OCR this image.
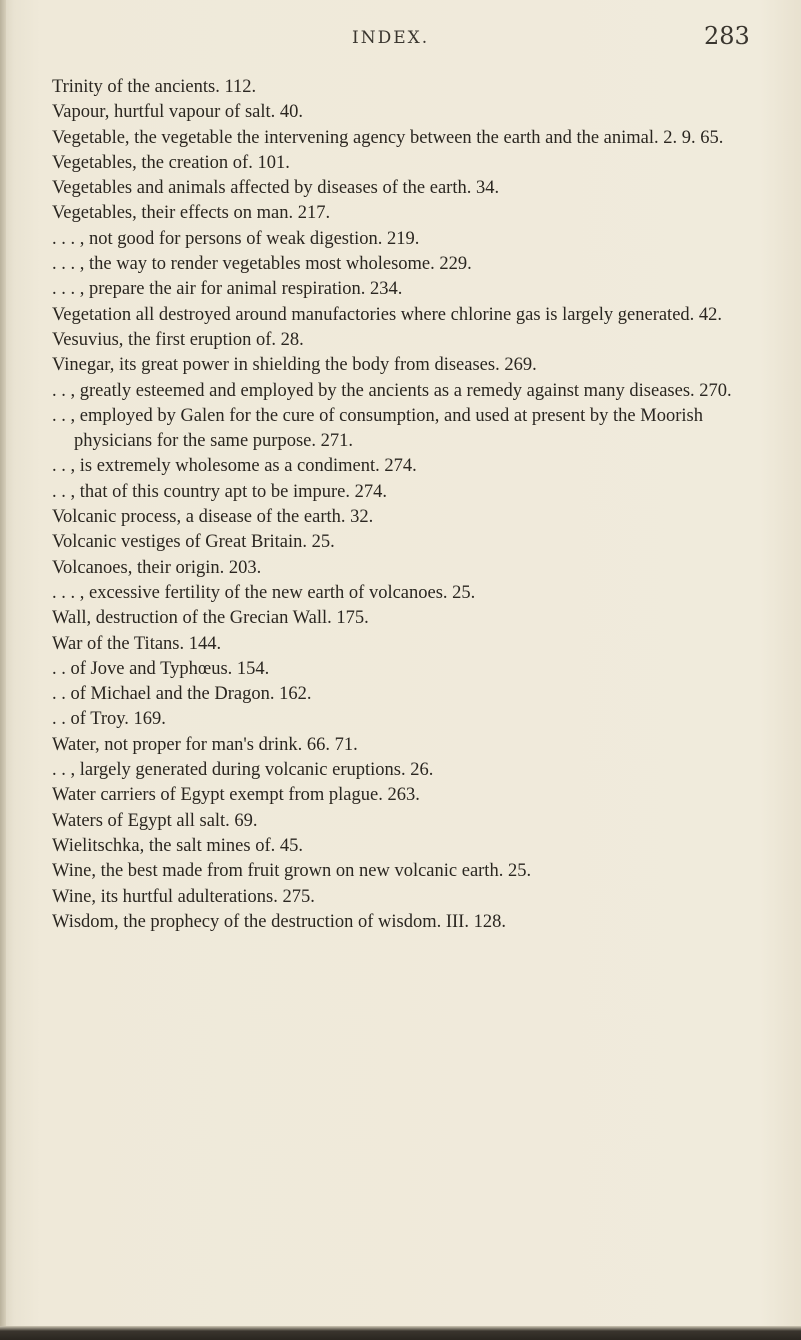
INDEX.	283

Trinity of the ancients. 112.

Vapour, hurtful vapour of salt. 40.

Vegetable, the vegetable the intervening agency between the earth and the animal. 2. 9. 65.

Vegetables, the creation of. 101.

Vegetables and animals affected by diseases of the earth. 34.

Vegetables, their effects on man. 217.

. . . , not good for persons of weak digestion. 219.

. . . , the way to render vegetables most wholesome. 229.

. . . , prepare the air for animal respiration. 234.

Vegetation all destroyed around manufactories where chlorine gas is largely generated. 42.

Vesuvius, the first eruption of. 28.

Vinegar, its great power in shielding the body from diseases. 269.

. . , greatly esteemed and employed by the ancients as a remedy against many diseases. 270.

. . , employed by Galen for the cure of consumption, and used at present by the Moorish physicians for the same purpose. 271.

. . , is extremely wholesome as a condiment. 274.

. . , that of this country apt to be impure. 274.

Volcanic process, a disease of the earth. 32.

Volcanic vestiges of Great Britain. 25.

Volcanoes, their origin. 203.

. . . , excessive fertility of the new earth of volcanoes. 25.

Wall, destruction of the Grecian Wall. 175.

War of the Titans. 144.

. . of Jove and Typhœus. 154.

. . of Michael and the Dragon. 162.

. . of Troy. 169.

Water, not proper for man's drink. 66. 71.

. . , largely generated during volcanic eruptions. 26.

Water carriers of Egypt exempt from plague. 263.

Waters of Egypt all salt. 69.

Wielitschka, the salt mines of. 45.

Wine, the best made from fruit grown on new volcanic earth. 25.

Wine, its hurtful adulterations. 275.

Wisdom, the prophecy of the destruction of wisdom. III. 128.
